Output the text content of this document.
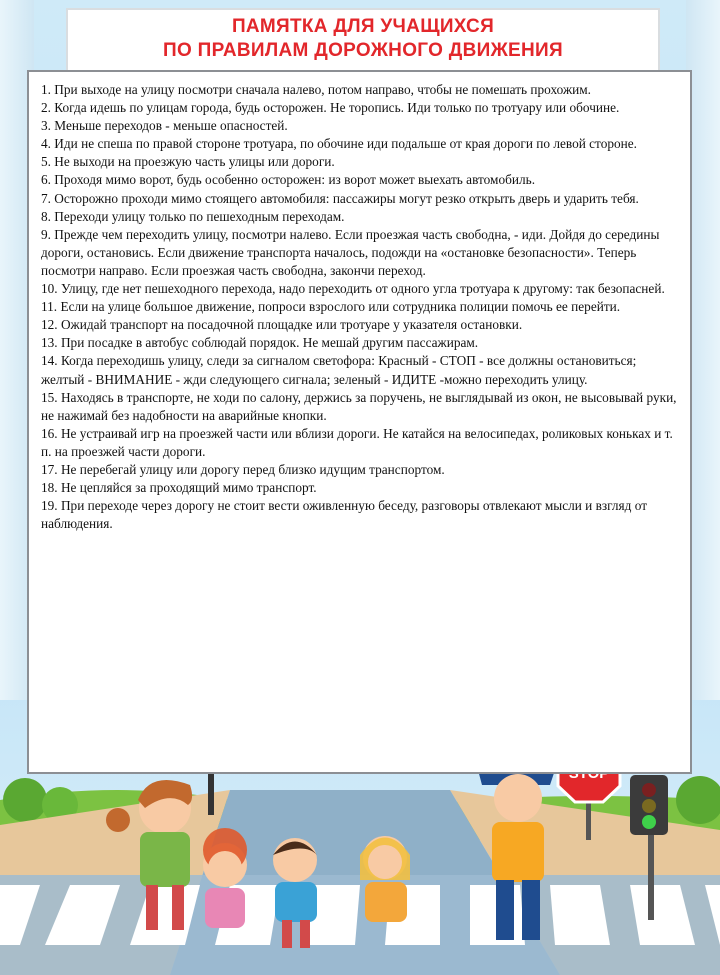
ПАМЯТКА ДЛЯ УЧАЩИХСЯ
ПО ПРАВИЛАМ ДОРОЖНОГО ДВИЖЕНИЯ

1. При выходе на улицу посмотри сначала налево, потом направо, чтобы не помешать прохожим.

2. Когда идешь по улицам города, будь осторожен. Не торопись. Иди только по тротуару или обочине.

3. Меньше переходов - меньше опасностей.

4. Иди не спеша по правой стороне тротуара, по обочине иди подальше от края дороги по левой стороне.

5. Не выходи на проезжую часть улицы или дороги.

6. Проходя мимо ворот, будь особенно осторожен: из ворот может выехать автомобиль.

7. Осторожно проходи мимо стоящего автомобиля: пассажиры могут резко открыть дверь и ударить тебя.

8. Переходи улицу только по пешеходным переходам.

9. Прежде чем переходить улицу, посмотри налево. Если проезжая часть свободна, - иди. Дойдя до середины дороги, остановись. Если движение транспорта началось, подожди на «остановке безопасности». Теперь посмотри направо. Если проезжая часть свободна, закончи переход.

10. Улицу, где нет пешеходного перехода, надо переходить от одного угла тротуара к другому: так безопасней.

11. Если на улице большое движение, попроси взрослого или сотрудника полиции помочь ее перейти.

12. Ожидай транспорт на посадочной площадке или тротуаре у указателя остановки.

13. При посадке в автобус соблюдай порядок. Не мешай другим пассажирам.

14. Когда переходишь улицу, следи за сигналом светофора: Красный - СТОП - все должны остановиться; желтый - ВНИМАНИЕ - жди следующего сигнала; зеленый - ИДИТЕ -можно переходить улицу.

15. Находясь в транспорте, не ходи по салону, держись за поручень, не выглядывай из окон, не высовывай руки, не нажимай без надобности на аварийные кнопки.

16. Не устраивай игр на проезжей части или вблизи дороги. Не катайся на велосипедах, роликовых коньках и т. п. на проезжей части дороги.

17. Не перебегай улицу или дорогу перед близко идущим транспортом.

18. Не цепляйся за проходящий мимо транспорт.

19. При переходе через дорогу не стоит вести оживленную беседу, разговоры отвлекают мысли и взгляд от наблюдения.
